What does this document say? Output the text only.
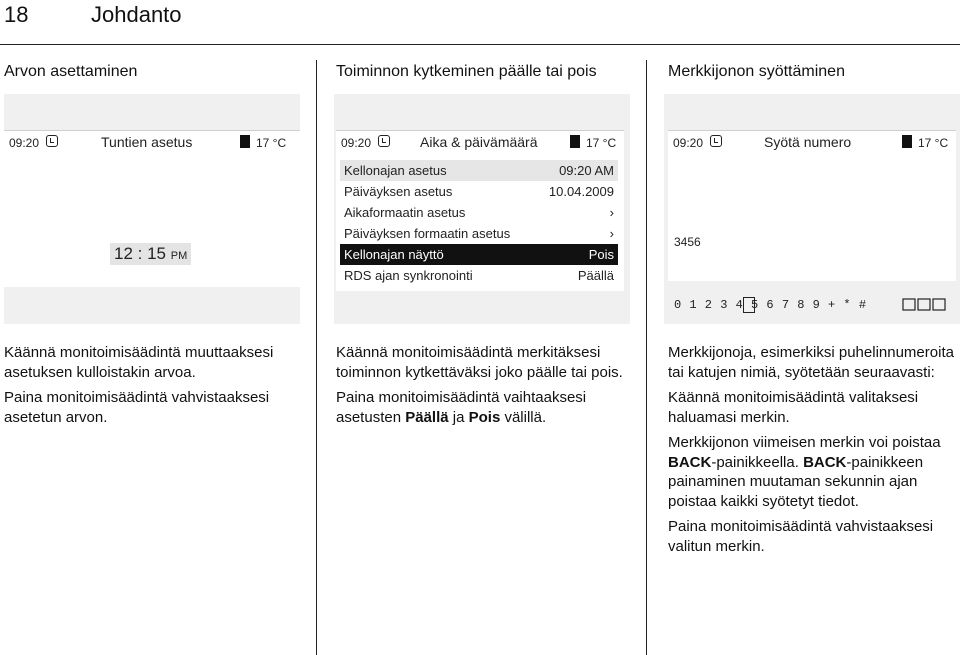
18	Johdanto
Arvon asettaminen
09:20	Tuntien asetus	17 °C
12 : 15 PM

Käännä monitoimisäädintä muuttaaksesi asetuksen kulloistakin arvoa.

Paina monitoimisäädintä vahvistaaksesi asetetun arvon.

Toiminnon kytkeminen päälle tai pois
09:20	Aika & päivämäärä	17 °C
Kellonajan asetus	09:20 AM
Päiväyksen asetus	10.04.2009
Aikaformaatin asetus	›
Päiväyksen formaatin asetus	›
Kellonajan näyttö	Pois
RDS ajan synkronointi	Päällä

Käännä monitoimisäädintä merkitäksesi toiminnon kytkettäväksi joko päälle tai pois.

Paina monitoimisäädintä vaihtaaksesi asetusten Päällä ja Pois välillä.

Merkkijonon syöttäminen
09:20	Syötä numero	17 °C
3456
0 1 2 3 4 5 6 7 8 9 + * #

Merkkijonoja, esimerkiksi puhelinnumeroita tai katujen nimiä, syötetään seuraavasti:

Käännä monitoimisäädintä valitaksesi haluamasi merkin.

Merkkijonon viimeisen merkin voi poistaa BACK-painikkeella. BACK-painikkeen painaminen muutaman sekunnin ajan poistaa kaikki syötetyt tiedot.

Paina monitoimisäädintä vahvistaaksesi valitun merkin.
